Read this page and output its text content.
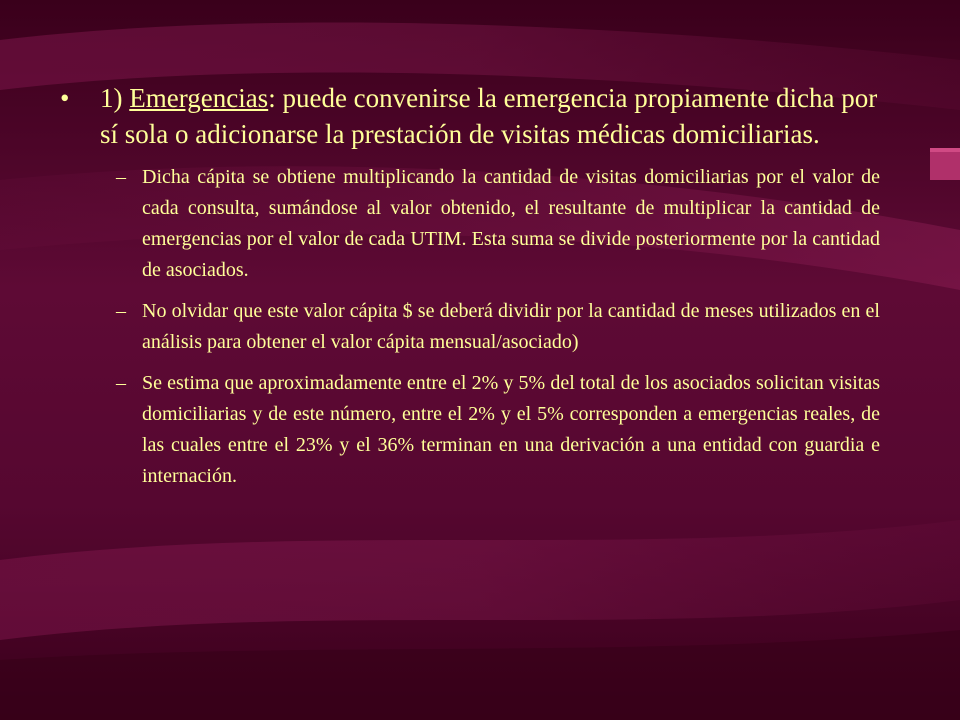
•	1) Emergencias: puede convenirse la emergencia propiamente dicha por sí sola o adicionarse la prestación de visitas médicas domiciliarias.
– Dicha cápita se obtiene multiplicando la cantidad de visitas domiciliarias por el valor de cada consulta, sumándose al valor obtenido, el resultante de multiplicar la cantidad de emergencias por el valor de cada UTIM. Esta suma se divide posteriormente por la cantidad de asociados.
– No olvidar que este valor cápita $ se deberá dividir por la cantidad de meses utilizados en el análisis para obtener el valor cápita mensual/asociado)
– Se estima que aproximadamente entre el 2% y 5% del total de los asociados solicitan visitas domiciliarias y de este número, entre el 2% y el 5% corresponden a emergencias reales, de las cuales entre el 23% y el 36% terminan en una derivación a una entidad con guardia e internación.
